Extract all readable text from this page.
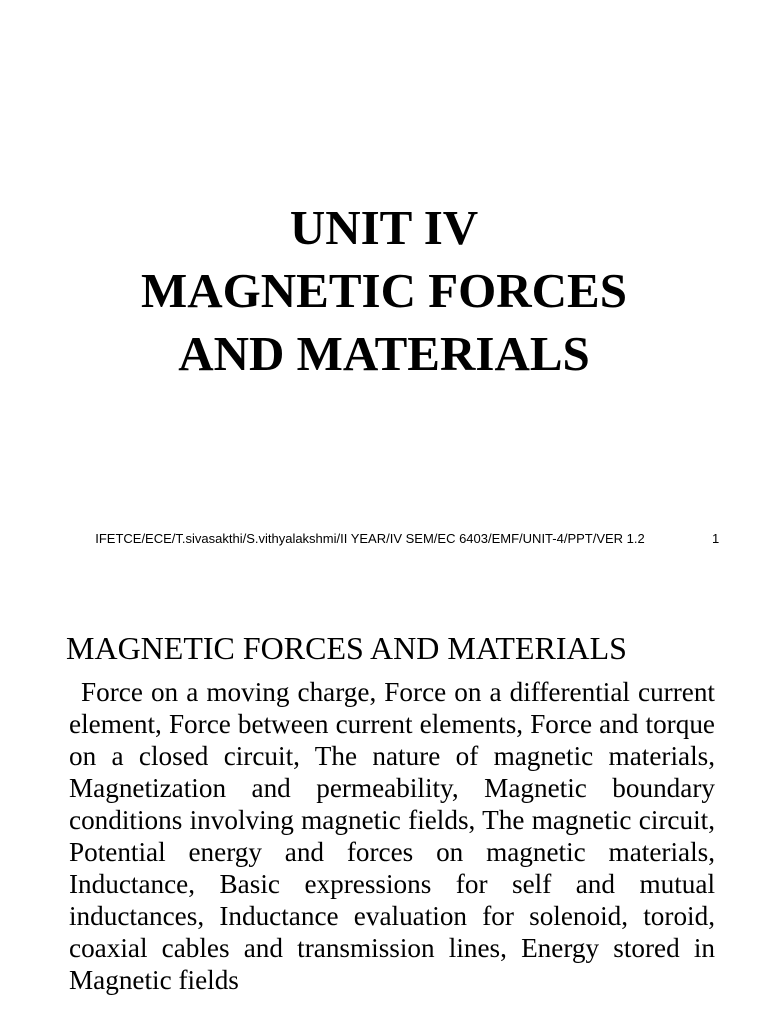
UNIT IV
MAGNETIC FORCES
AND MATERIALS
IFETCE/ECE/T.sivasakthi/S.vithyalakshmi/II YEAR/IV SEM/EC 6403/EMF/UNIT-4/PPT/VER 1.2	1
MAGNETIC FORCES AND MATERIALS

Force on a moving charge, Force on a differential current element, Force between current elements, Force and torque on a closed circuit, The nature of magnetic materials, Magnetization and permeability, Magnetic boundary conditions involving magnetic fields, The magnetic circuit, Potential energy and forces on magnetic materials, Inductance, Basic expressions for self and mutual inductances, Inductance evaluation for solenoid, toroid, coaxial cables and transmission lines, Energy stored in Magnetic fields
